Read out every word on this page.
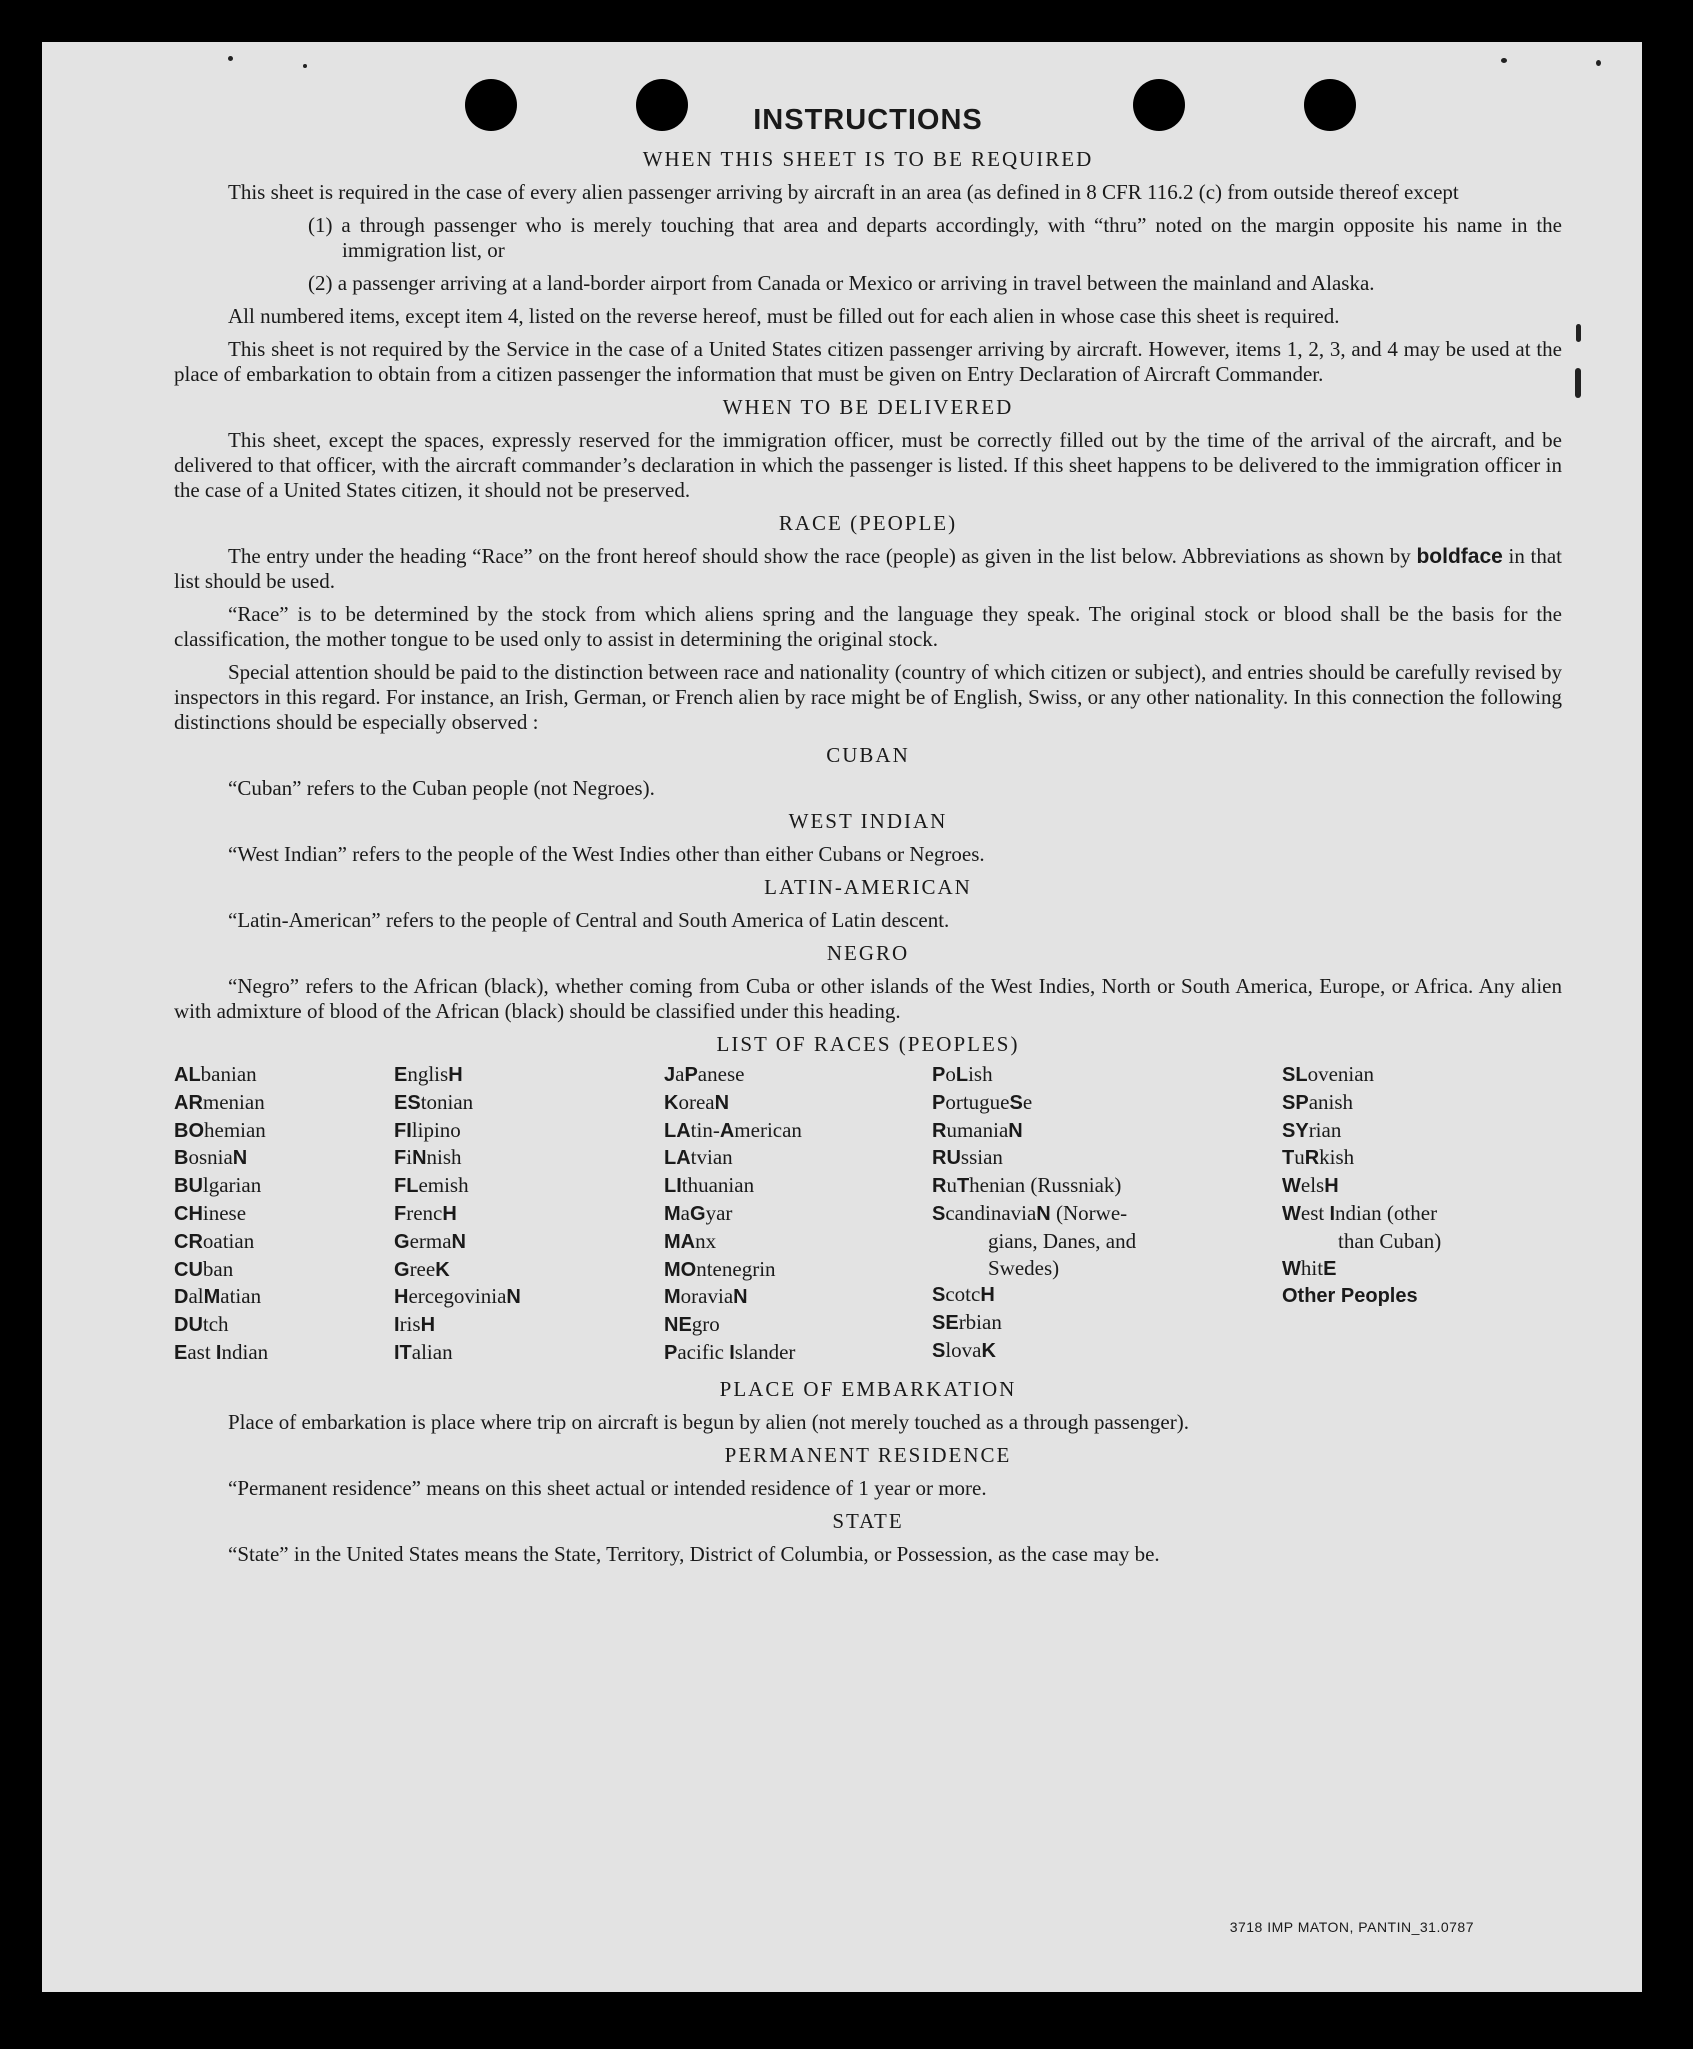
INSTRUCTIONS
WHEN THIS SHEET IS TO BE REQUIRED

This sheet is required in the case of every alien passenger arriving by aircraft in an area (as defined in 8 CFR 116.2 (c) from outside thereof except

(1) a through passenger who is merely touching that area and departs accordingly, with “thru” noted on the margin opposite his name in the immigration list, or

(2) a passenger arriving at a land-border airport from Canada or Mexico or arriving in travel between the mainland and Alaska.

All numbered items, except item 4, listed on the reverse hereof, must be filled out for each alien in whose case this sheet is required.

This sheet is not required by the Service in the case of a United States citizen passenger arriving by aircraft. However, items 1, 2, 3, and 4 may be used at the place of embarkation to obtain from a citizen passenger the information that must be given on Entry Declaration of Aircraft Commander.

WHEN TO BE DELIVERED

This sheet, except the spaces, expressly reserved for the immigration officer, must be correctly filled out by the time of the arrival of the aircraft, and be delivered to that officer, with the aircraft commander’s declaration in which the passenger is listed. If this sheet happens to be delivered to the immigration officer in the case of a United States citizen, it should not be preserved.

RACE (PEOPLE)

The entry under the heading “Race” on the front hereof should show the race (people) as given in the list below. Abbreviations as shown by boldface in that list should be used.

“Race” is to be determined by the stock from which aliens spring and the language they speak. The original stock or blood shall be the basis for the classification, the mother tongue to be used only to assist in determining the original stock.

Special attention should be paid to the distinction between race and nationality (country of which citizen or subject), and entries should be carefully revised by inspectors in this regard. For instance, an Irish, German, or French alien by race might be of English, Swiss, or any other nationality. In this connection the following distinctions should be especially observed :

CUBAN

“Cuban” refers to the Cuban people (not Negroes).

WEST INDIAN

“West Indian” refers to the people of the West Indies other than either Cubans or Negroes.

LATIN-AMERICAN

“Latin-American” refers to the people of Central and South America of Latin descent.

NEGRO

“Negro” refers to the African (black), whether coming from Cuba or other islands of the West Indies, North or South America, Europe, or Africa. Any alien with admixture of blood of the African (black) should be classified under this heading.

LIST OF RACES (PEOPLES)
ALbanian
ARmenian
BOhemian
BosniaN
BUlgarian
CHinese
CRoatian
CUban
DalMatian
DUtch
East Indian
EnglisH
EStonian
FIlipino
FiNnish
FLemish
FrencH
GermaN
GreeK
HercegoviniaN
IrisH
ITalian
JaPanese
KoreaN
LAtin-American
LAtvian
LIthuanian
MaGyar
MAnx
MOntenegrin
MoraviaN
NEgro
Pacific Islander
PoLish
PortugueSe
RumaniaN
RUssian
RuThenian (Russniak)
ScandinaviaN (Norwe-
gians, Danes, and
Swedes)
ScotcH
SErbian
SlovaK
SLovenian
SPanish
SYrian
TuRkish
WelsH
West Indian (other
than Cuban)
WhitE
Other Peoples
PLACE OF EMBARKATION

Place of embarkation is place where trip on aircraft is begun by alien (not merely touched as a through passenger).

PERMANENT RESIDENCE

“Permanent residence” means on this sheet actual or intended residence of 1 year or more.

STATE

“State” in the United States means the State, Territory, District of Columbia, or Possession, as the case may be.

3718 IMP MATON, PANTIN_31.0787
